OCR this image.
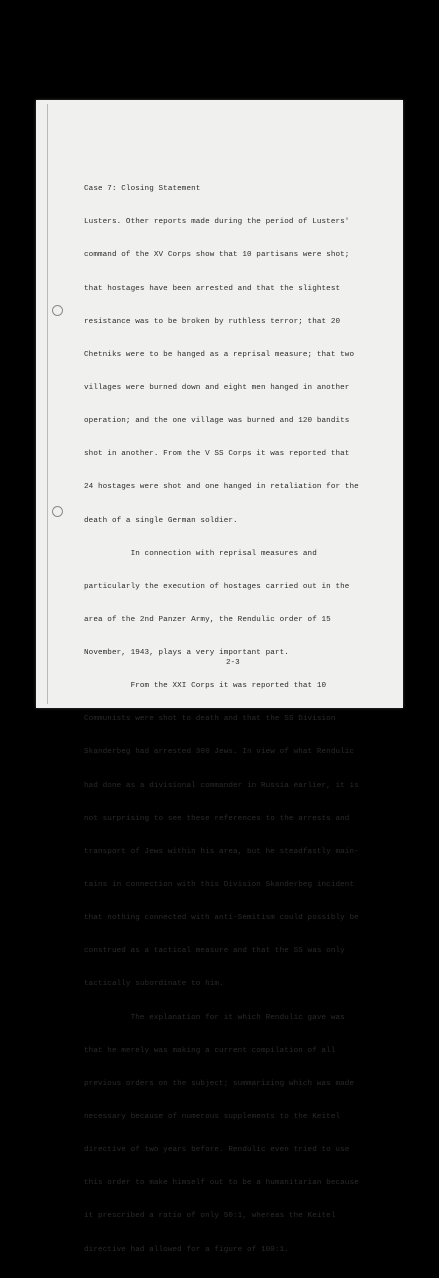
Case 7: Closing Statement

Lusters. Other reports made during the period of Lusters'

command of the XV Corps show that 10 partisans were shot;

that hostages have been arrested and that the slightest

resistance was to be broken by ruthless terror; that 20

Chetniks were to be hanged as a reprisal measure; that two

villages were burned down and eight men hanged in another

operation; and the one village was burned and 120 bandits

shot in another. From the V SS Corps it was reported that

24 hostages were shot and one hanged in retaliation for the

death of a single German soldier.

In connection with reprisal measures and

particularly the execution of hostages carried out in the

area of the 2nd Panzer Army, the Rendulic order of 15

November, 1943, plays a very important part.

From the XXI Corps it was reported that 10

Communists were shot to death and that the SS Division

Skanderbeg had arrested 300 Jews. In view of what Rendulic

had done as a divisional commander in Russia earlier, it is

not surprising to see these references to the arrests and

transport of Jews within his area, but he steadfastly main-

tains in connection with this Division Skanderbeg incident

that nothing connected with anti-Semitism could possibly be

construed as a tactical measure and that the SS was only

tactically subordinate to him.

The explanation for it which Rendulic gave was

that he merely was making a current compilation of all

previous orders on the subject; summarizing which was made

necessary because of numerous supplements to the Keitel

directive of two years before. Rendulic even tried to use

this order to make himself out to be a humanitarian because

it prescribed a ratio of only 50:1, whereas the Keitel

directive had allowed for a figure of 100:1.

2-3
